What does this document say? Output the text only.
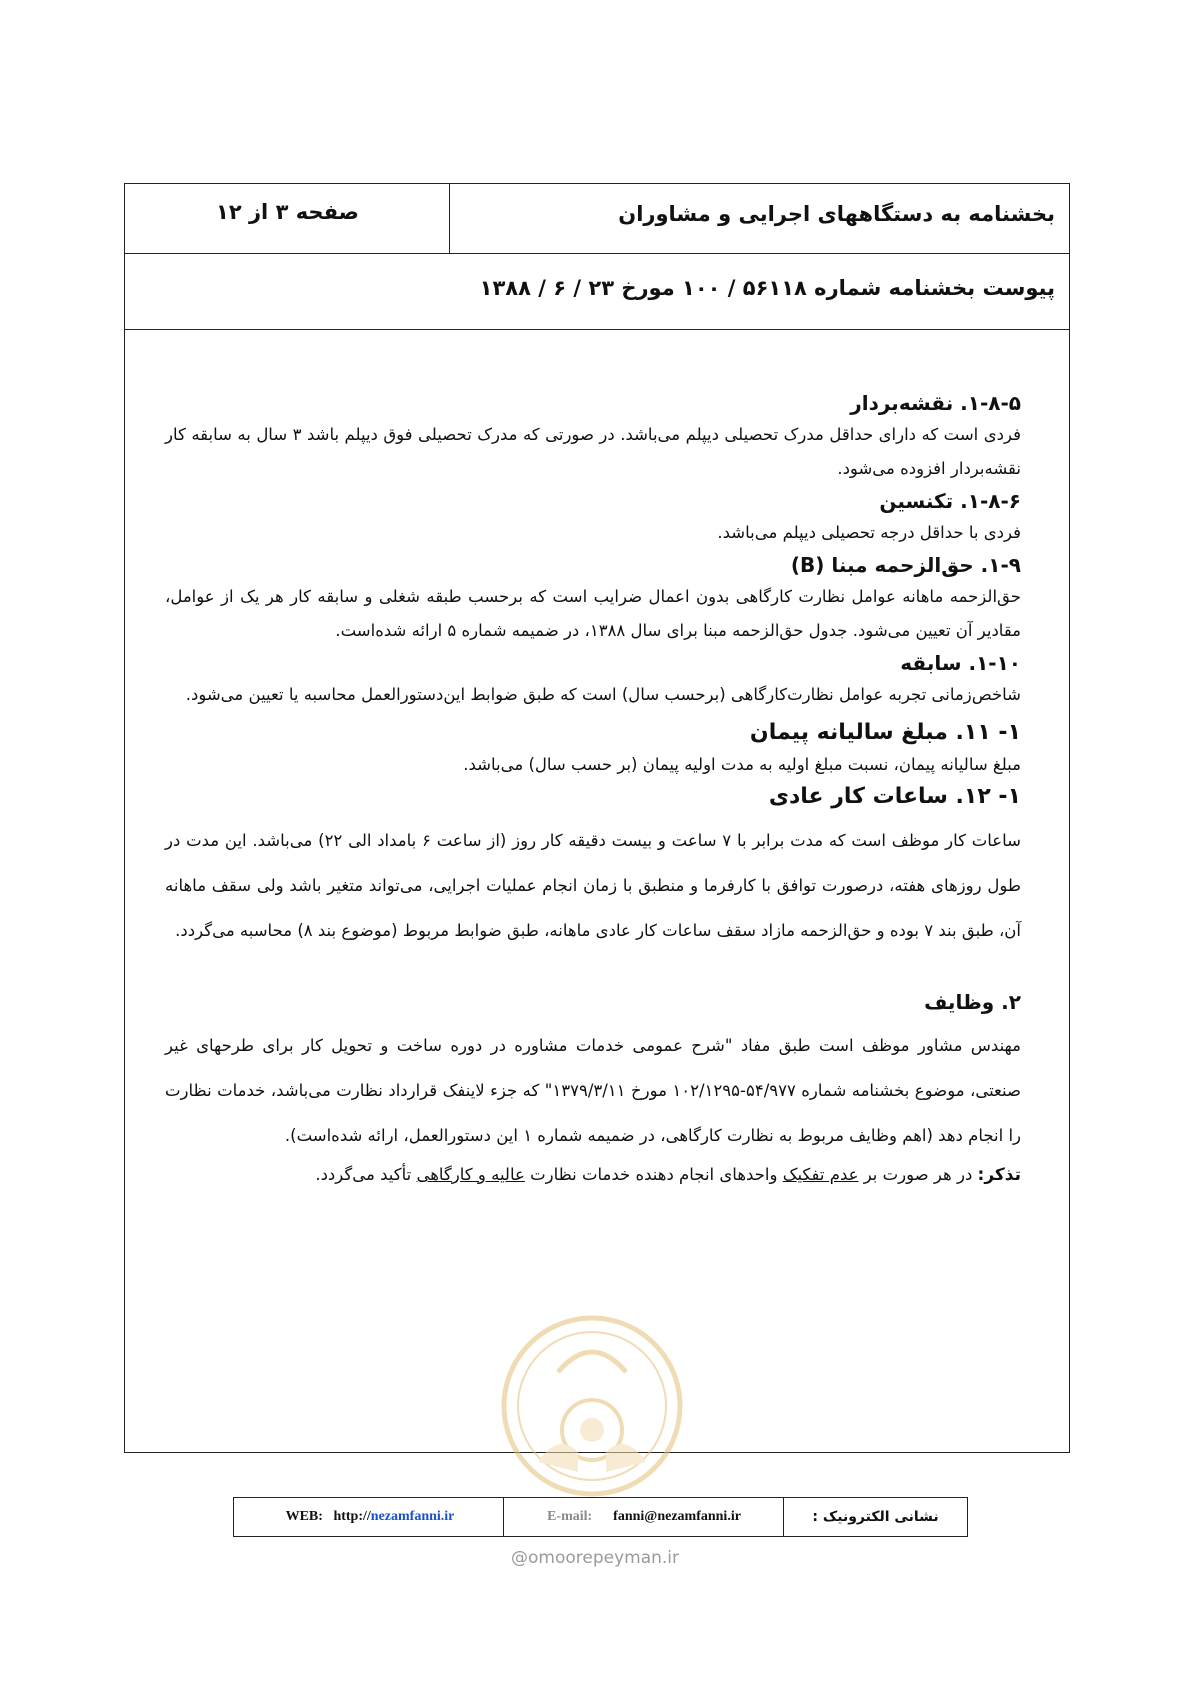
بخشنامه به دستگاههای اجرایی و مشاوران
صفحه ۳ از ۱۲
پیوست بخشنامه شماره ۵۶۱۱۸ / ۱۰۰ مورخ ۲۳ / ۶ / ۱۳۸۸
۱-۸-۵. نقشه‌بردار

فردی است که دارای حداقل مدرک تحصیلی دیپلم می‌باشد. در صورتی که مدرک تحصیلی فوق دیپلم باشد ۳ سال به سابقه کار نقشه‌بردار افزوده می‌شود.

۱-۸-۶. تکنسین

فردی با حداقل درجه تحصیلی دیپلم می‌باشد.

۱-۹. حق‌الزحمه مبنا (B)

حق‌الزحمه ماهانه عوامل نظارت کارگاهی بدون اعمال ضرایب است که برحسب طبقه شغلی و سابقه کار هر یک از عوامل، مقادیر آن تعیین می‌شود. جدول حق‌الزحمه مبنا برای سال ۱۳۸۸، در ضمیمه شماره ۵ ارائه شده‌است.

۱-۱۰. سابقه

شاخص‌زمانی تجربه عوامل نظارت‌کارگاهی (برحسب سال) است که طبق ضوابط این‌دستورالعمل محاسبه یا تعیین می‌شود.

۱- ۱۱. مبلغ سالیانه پیمان

مبلغ سالیانه پیمان، نسبت مبلغ اولیه به مدت اولیه پیمان (بر حسب سال) می‌باشد.

۱- ۱۲. ساعات کار عادی

ساعات کار موظف است که مدت برابر با ۷ ساعت و بیست دقیقه کار روز (از ساعت ۶ بامداد الی ۲۲) می‌باشد. این مدت در طول روزهای هفته، درصورت توافق با کارفرما و منطبق با زمان انجام عملیات اجرایی، می‌تواند متغیر باشد ولی سقف ماهانه آن، طبق بند ۷ بوده و حق‌الزحمه مازاد سقف ساعات کار عادی ماهانه، طبق ضوابط مربوط (موضوع بند ۸) محاسبه می‌گردد.

۲. وظایف

مهندس مشاور موظف است طبق مفاد "شرح عمومی خدمات مشاوره در دوره ساخت و تحویل کار برای طرحهای غیر صنعتی، موضوع بخشنامه شماره ۵۴/۹۷۷-۱۰۲/۱۲۹۵ مورخ ۱۳۷۹/۳/۱۱" که جزء لاینفک قرارداد نظارت می‌باشد، خدمات نظارت را انجام دهد (اهم وظایف مربوط به نظارت کارگاهی، در ضمیمه شماره ۱ این دستورالعمل، ارائه شده‌است).

تذکر: در هر صورت بر عدم تفکیک واحدهای انجام دهنده خدمات نظارت عالیه و کارگاهی تأکید می‌گردد.

نشانی الکترونیک :
E-mail:
fanni@nezamfanni.ir
WEB:
http://nezamfanni.ir
@omoorepeyman.ir
